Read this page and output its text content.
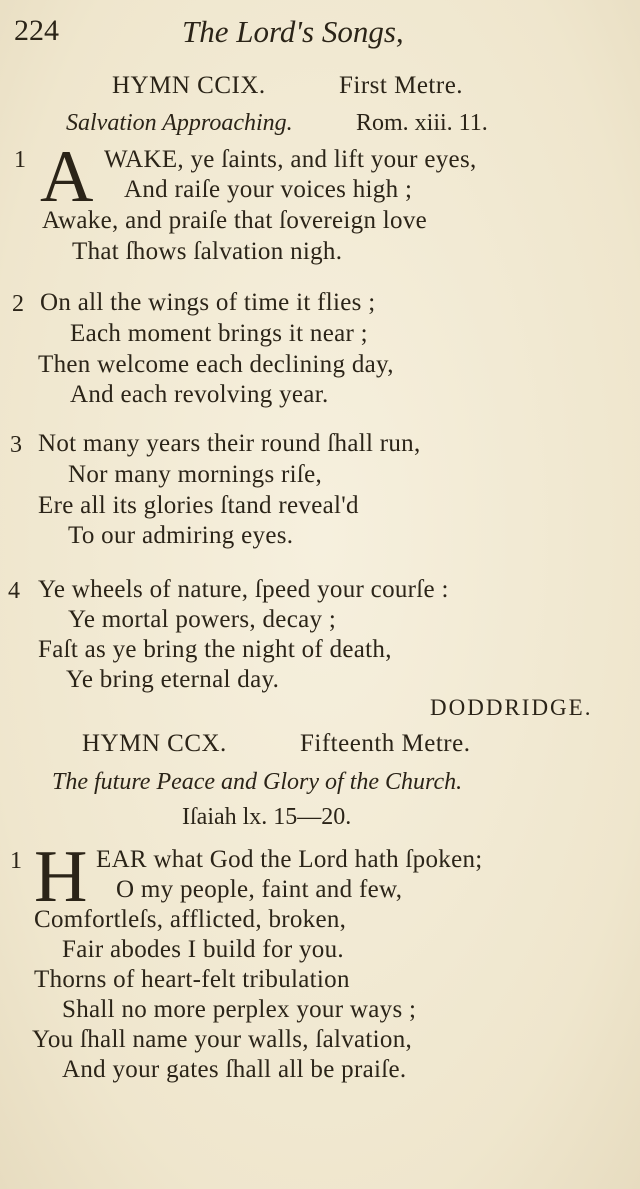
224	The Lord's Songs,
HYMN CCIX.	First Metre.
Salvation Approaching.	Rom. xiii. 11.
1 A WAKE, ye ſaints, and lift your eyes,
And raiſe your voices high ;
Awake, and praiſe that ſovereign love
That ſhows ſalvation nigh.
2 On all the wings of time it flies ;
Each moment brings it near ;
Then welcome each declining day,
And each revolving year.
3 Not many years their round ſhall run,
Nor many mornings riſe,
Ere all its glories ſtand reveal'd
To our admiring eyes.
4 Ye wheels of nature, ſpeed your courſe :
Ye mortal powers, decay ;
Faſt as ye bring the night of death,
Ye bring eternal day.
DODDRIDGE.
HYMN CCX.	Fifteenth Metre.
The future Peace and Glory of the Church.
Iſaiah lx. 15—20.
1 H EAR what God the Lord hath ſpoken;
O my people, faint and few,
Comfortleſs, afflicted, broken,
Fair abodes I build for you.
Thorns of heart-felt tribulation
Shall no more perplex your ways ;
You ſhall name your walls, ſalvation,
And your gates ſhall all be praiſe.
